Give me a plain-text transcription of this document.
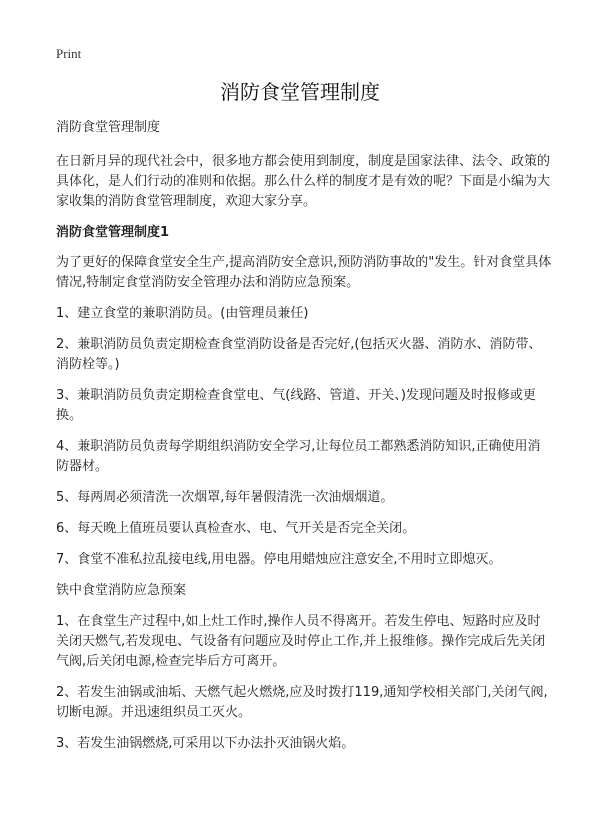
Print
消防食堂管理制度

消防食堂管理制度

在日新月异的现代社会中，很多地方都会使用到制度，制度是国家法律、法令、政策的具体化，是人们行动的准则和依据。那么什么样的制度才是有效的呢？下面是小编为大家收集的消防食堂管理制度，欢迎大家分享。

消防食堂管理制度1

为了更好的保障食堂安全生产,提高消防安全意识,预防消防事故的"发生。针对食堂具体情况,特制定食堂消防安全管理办法和消防应急预案。

1、建立食堂的兼职消防员。(由管理员兼任)

2、兼职消防员负责定期检查食堂消防设备是否完好,(包括灭火器、消防水、消防带、消防栓等。)

3、兼职消防员负责定期检查食堂电、气(线路、管道、开关、)发现问题及时报修或更换。

4、兼职消防员负责每学期组织消防安全学习,让每位员工都熟悉消防知识,正确使用消防器材。

5、每两周必须清洗一次烟罩,每年暑假清洗一次油烟烟道。

6、每天晚上值班员要认真检查水、电、气开关是否完全关闭。

7、食堂不准私拉乱接电线,用电器。停电用蜡烛应注意安全,不用时立即熄灭。

铁中食堂消防应急预案

1、在食堂生产过程中,如上灶工作时,操作人员不得离开。若发生停电、短路时应及时关闭天燃气,若发现电、气设备有问题应及时停止工作,并上报维修。操作完成后先关闭气阀,后关闭电源,检查完毕后方可离开。

2、若发生油锅或油垢、天燃气起火燃烧,应及时拨打119,通知学校相关部门,关闭气阀,切断电源。并迅速组织员工灭火。

3、若发生油锅燃烧,可采用以下办法扑灭油锅火焰。
